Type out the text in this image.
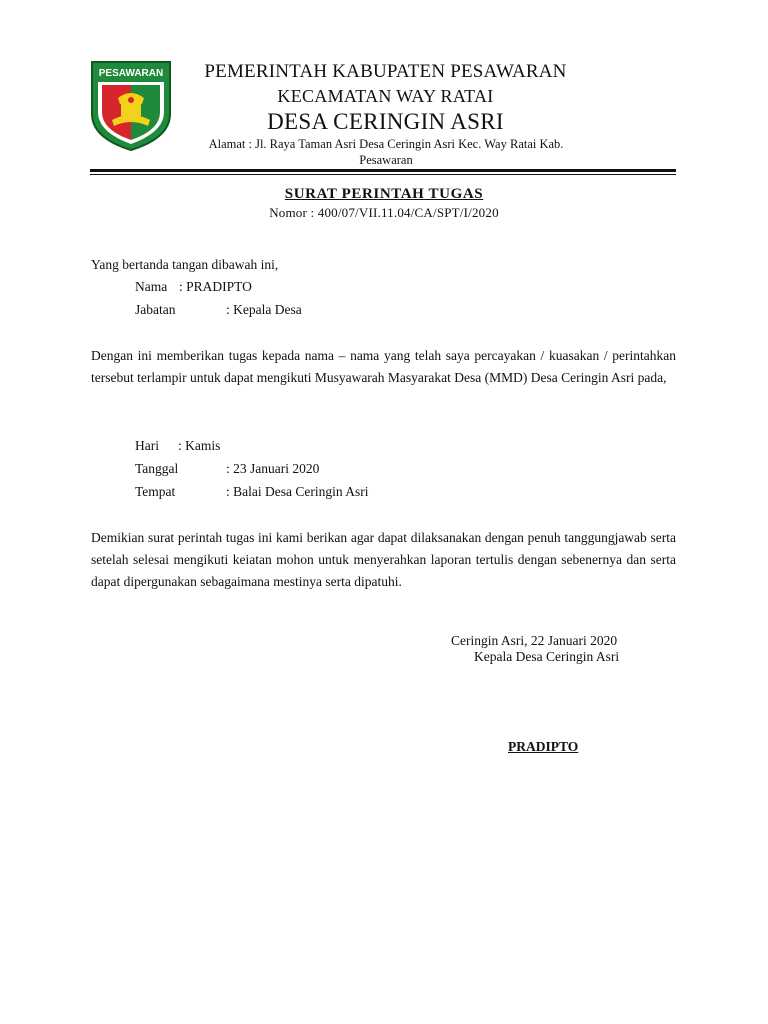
PESAWARAN	PEMERINTAH KABUPATEN PESAWARAN
KECAMATAN WAY RATAI
DESA CERINGIN ASRI
Alamat : Jl. Raya Taman Asri Desa Ceringin Asri Kec. Way Ratai Kab.
Pesawaran
SURAT PERINTAH TUGAS
Nomor : 400/07/VII.11.04/CA/SPT/I/2020
Yang bertanda tangan dibawah ini,
Nama : PRADIPTO
Jabatan	: Kepala Desa
Dengan ini memberikan tugas kepada nama – nama yang telah saya percayakan / kuasakan / perintahkan tersebut terlampir untuk dapat mengikuti Musyawarah Masyarakat Desa (MMD) Desa Ceringin Asri pada,
Hari : Kamis
Tanggal	: 23 Januari 2020
Tempat	: Balai Desa Ceringin Asri
Demikian surat perintah tugas ini kami berikan agar dapat dilaksanakan dengan penuh tanggungjawab serta setelah selesai mengikuti keiatan mohon untuk menyerahkan laporan tertulis dengan sebenernya dan serta dapat dipergunakan sebagaimana mestinya serta dipatuhi.
Ceringin Asri, 22 Januari 2020
Kepala Desa Ceringin Asri
PRADIPTO
